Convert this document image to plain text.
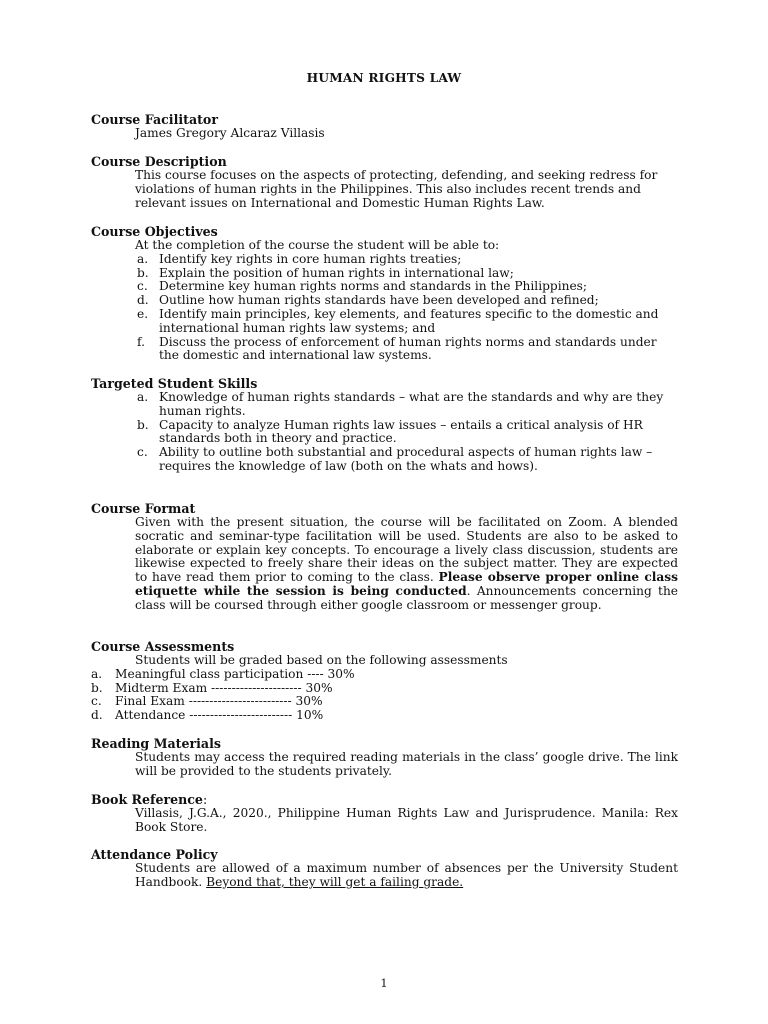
HUMAN RIGHTS LAW
Course Facilitator
James Gregory Alcaraz Villasis
Course Description
This course focuses on the aspects of protecting, defending, and seeking redress for violations of human rights in the Philippines. This also includes recent trends and relevant issues on International and Domestic Human Rights Law.
Course Objectives
At the completion of the course the student will be able to:
a. Identify key rights in core human rights treaties;
b. Explain the position of human rights in international law;
c. Determine key human rights norms and standards in the Philippines;
d. Outline how human rights standards have been developed and refined;
e. Identify main principles, key elements, and features specific to the domestic and international human rights law systems; and
f. Discuss the process of enforcement of human rights norms and standards under the domestic and international law systems.
Targeted Student Skills
a. Knowledge of human rights standards – what are the standards and why are they human rights.
b. Capacity to analyze Human rights law issues – entails a critical analysis of HR standards both in theory and practice.
c. Ability to outline both substantial and procedural aspects of human rights law – requires the knowledge of law (both on the whats and hows).
Course Format
Given with the present situation, the course will be facilitated on Zoom. A blended socratic and seminar-type facilitation will be used. Students are also to be asked to elaborate or explain key concepts. To encourage a lively class discussion, students are likewise expected to freely share their ideas on the subject matter. They are expected to have read them prior to coming to the class. Please observe proper online class etiquette while the session is being conducted. Announcements concerning the class will be coursed through either google classroom or messenger group.
Course Assessments
Students will be graded based on the following assessments
a. Meaningful class participation ---- 30%
b. Midterm Exam ---------------------- 30%
c. Final Exam ------------------------- 30%
d. Attendance ------------------------- 10%
Reading Materials
Students may access the required reading materials in the class’ google drive. The link will be provided to the students privately.
Book Reference:
Villasis, J.G.A., 2020., Philippine Human Rights Law and Jurisprudence. Manila: Rex Book Store.
Attendance Policy
Students are allowed of a maximum number of absences per the University Student Handbook. Beyond that, they will get a failing grade.
1
